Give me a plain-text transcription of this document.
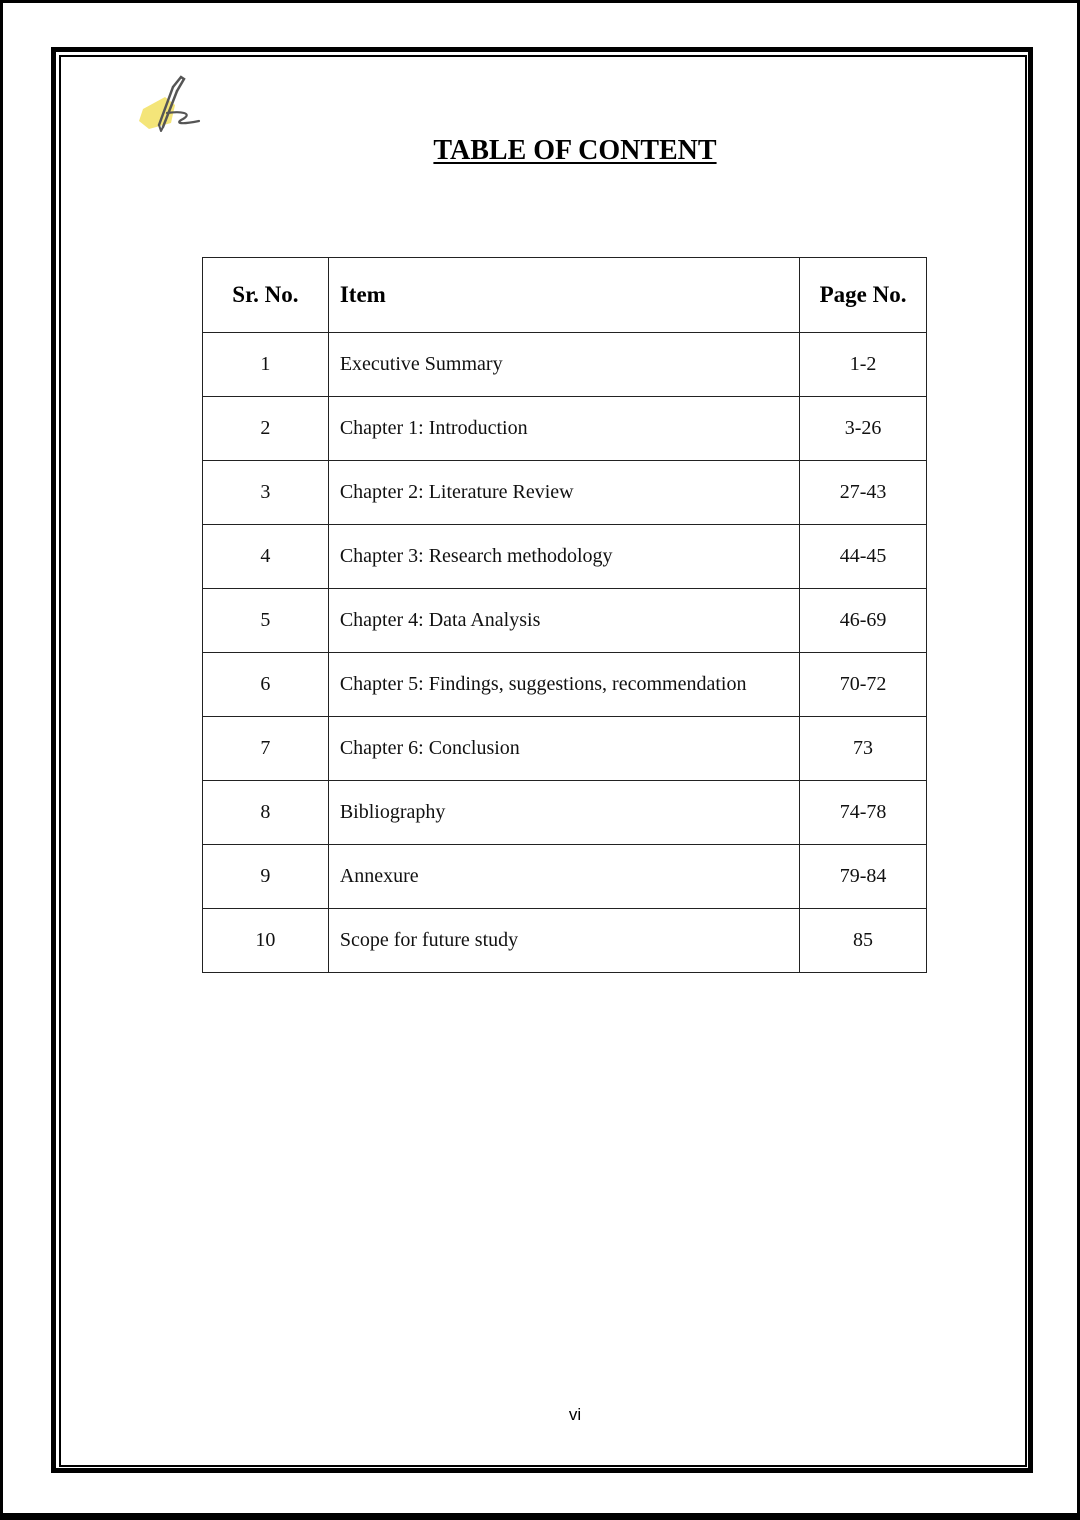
TABLE OF CONTENT
Sr. No.	Item	Page No.
1	Executive Summary	1-2
2	Chapter 1: Introduction	3-26
3	Chapter 2: Literature Review	27-43
4	Chapter 3: Research methodology	44-45
5	Chapter 4: Data Analysis	46-69
6	Chapter 5: Findings, suggestions, recommendation	70-72
7	Chapter 6: Conclusion	73
8	Bibliography	74-78
9	Annexure	79-84
10	Scope for future study	85
vi
